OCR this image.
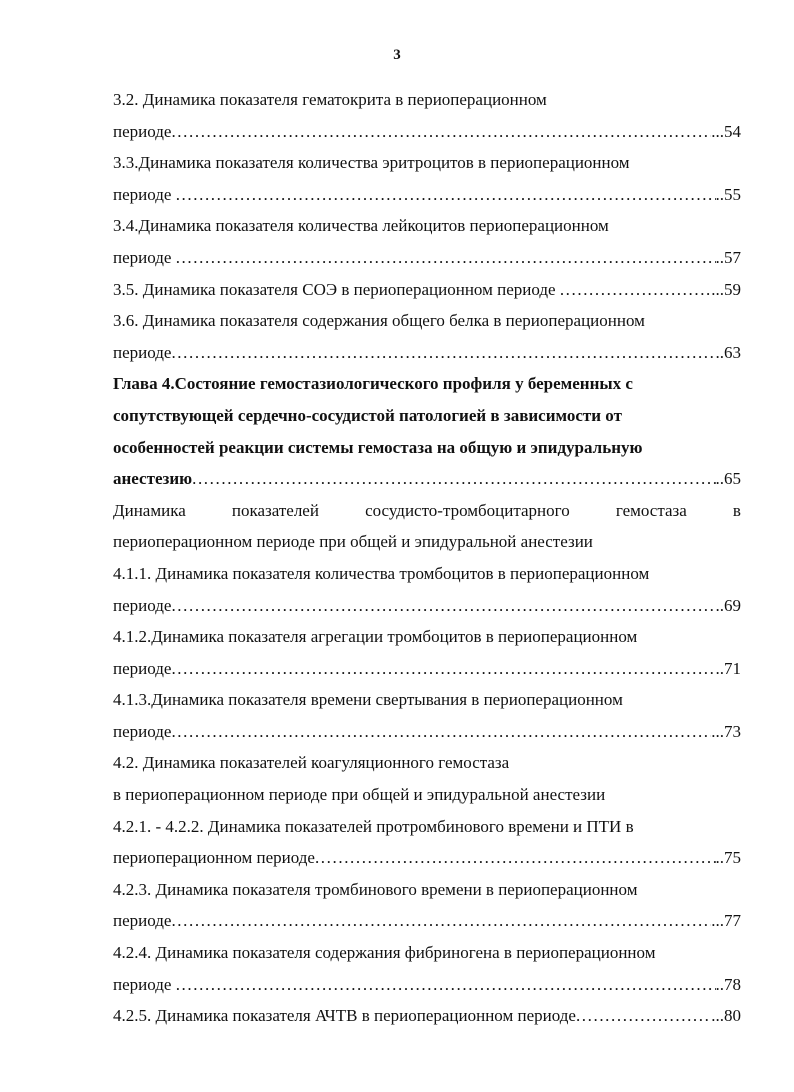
3
3.2. Динамика показателя гематокрита в периоперационном
периоде .....	...54
3.3.Динамика показателя количества эритроцитов в периоперационном
периоде .....	..55
3.4.Динамика показателя количества лейкоцитов периоперационном
периоде .....	..57
3.5. Динамика показателя СОЭ в периоперационном периоде .....	...59
3.6. Динамика показателя содержания общего белка в периоперационном
периоде .....	..63
Глава 4.Состояние гемостазиологического профиля у беременных с
сопутствующей сердечно-сосудистой патологией в зависимости от
особенностей реакции системы гемостаза на общую и эпидуральную
анестезию .....	..65
Динамика	показателей	сосудисто-тромбоцитарного	гемостаза	в
периоперационном периоде при общей и эпидуральной анестезии
4.1.1. Динамика показателя количества тромбоцитов в периоперационном
периоде .....	.69
4.1.2.Динамика показателя агрегации тромбоцитов в периоперационном
периоде .....	..71
4.1.3.Динамика показателя времени свертывания в периоперационном
периоде .....	...73
4.2. Динамика показателей коагуляционного гемостаза
в периоперационном периоде при общей и эпидуральной анестезии
4.2.1. - 4.2.2. Динамика показателей протромбинового времени и ПТИ в
периоперационном периоде .....	..75
4.2.3. Динамика показателя тромбинового времени в периоперационном
периоде .....	...77
4.2.4. Динамика показателя содержания фибриногена в периоперационном
периоде .....	..78
4.2.5. Динамика показателя АЧТВ в периоперационном периоде .....	...80
